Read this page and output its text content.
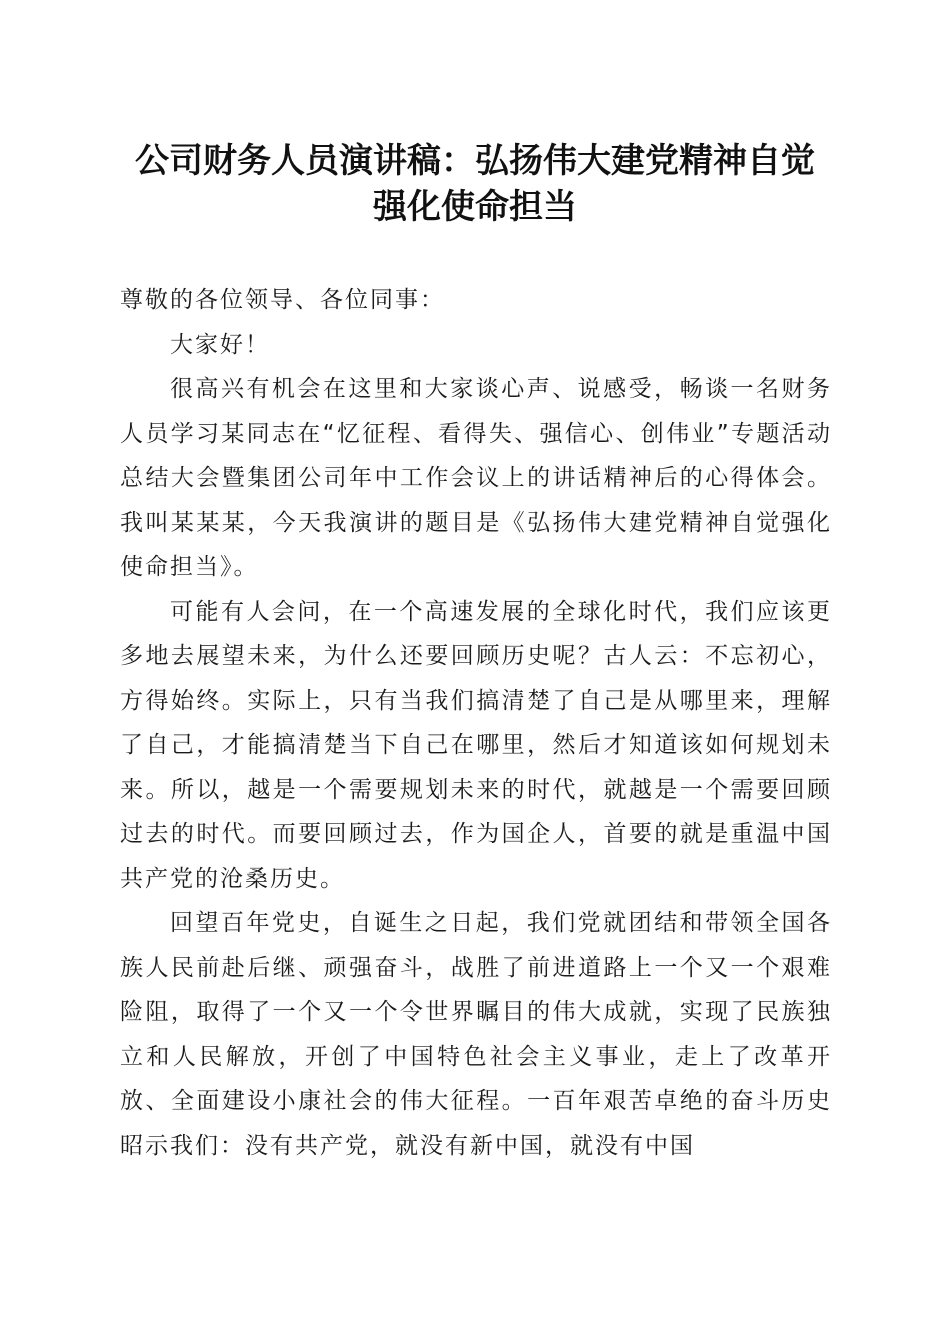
公司财务人员演讲稿：弘扬伟大建党精神自觉
强化使命担当

尊敬的各位领导、各位同事：

大家好！

很高兴有机会在这里和大家谈心声、说感受，畅谈一名财务人员学习某同志在“忆征程、看得失、强信心、创伟业”专题活动总结大会暨集团公司年中工作会议上的讲话精神后的心得体会。我叫某某某，今天我演讲的题目是《弘扬伟大建党精神自觉强化使命担当》。

可能有人会问，在一个高速发展的全球化时代，我们应该更多地去展望未来，为什么还要回顾历史呢？古人云：不忘初心，方得始终。实际上，只有当我们搞清楚了自己是从哪里来，理解了自己，才能搞清楚当下自己在哪里，然后才知道该如何规划未来。所以，越是一个需要规划未来的时代，就越是一个需要回顾过去的时代。而要回顾过去，作为国企人，首要的就是重温中国共产党的沧桑历史。

回望百年党史，自诞生之日起，我们党就团结和带领全国各族人民前赴后继、顽强奋斗，战胜了前进道路上一个又一个艰难险阻，取得了一个又一个令世界瞩目的伟大成就，实现了民族独立和人民解放，开创了中国特色社会主义事业，走上了改革开放、全面建设小康社会的伟大征程。一百年艰苦卓绝的奋斗历史昭示我们：没有共产党，就没有新中国，就没有中国
